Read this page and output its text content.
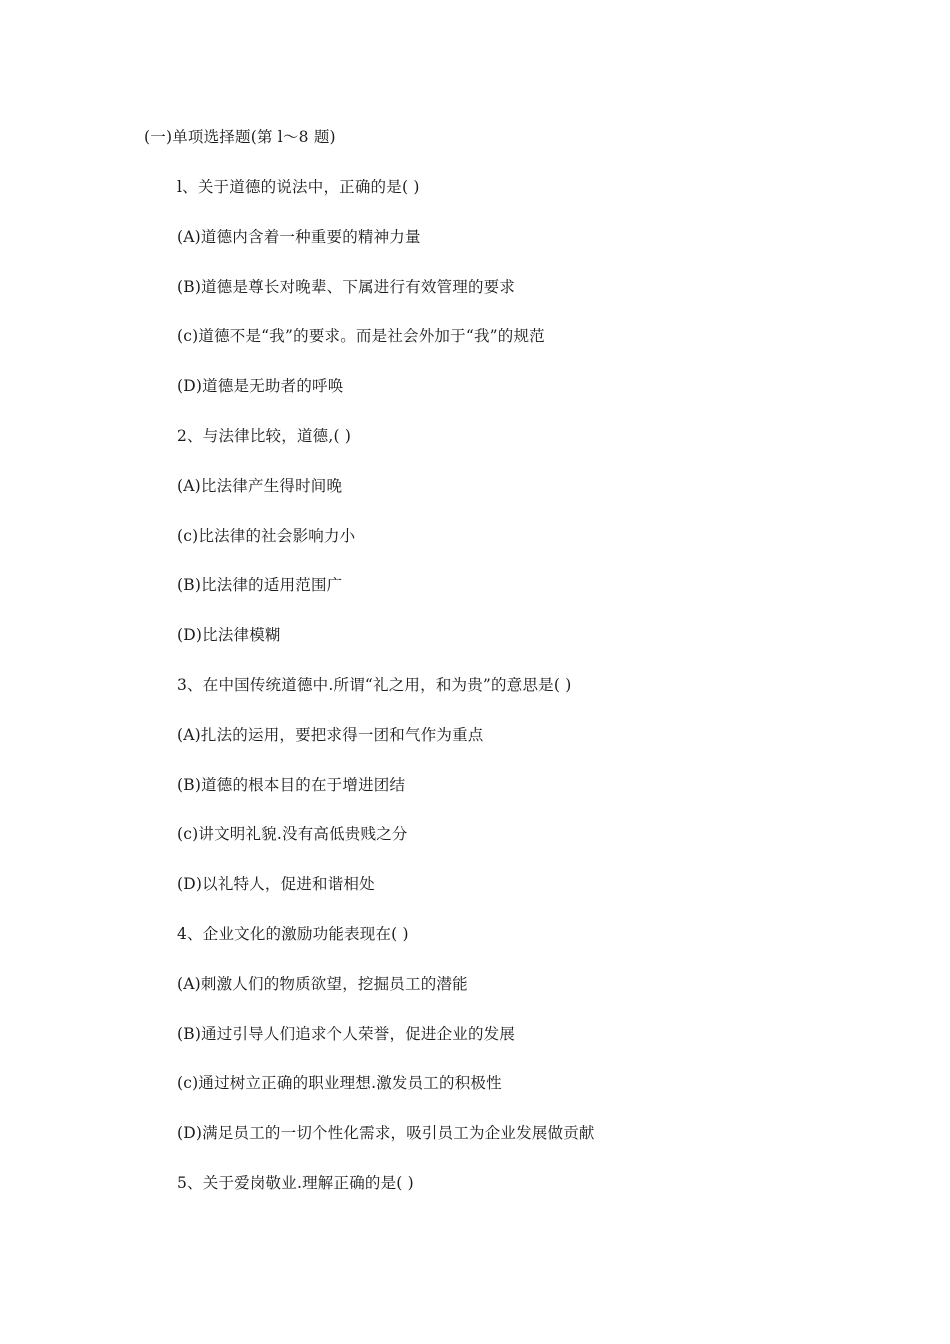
(一)单项选择题(第 l～8 题)
l、关于道德的说法中，正确的是( )
(A)道德内含着一种重要的精神力量
(B)道德是尊长对晚辈、下属进行有效管理的要求
(c)道德不是“我”的要求。而是社会外加于“我”的规范
(D)道德是无助者的呼唤
2、与法律比较，道德,( )
(A)比法律产生得时间晚
(c)比法律的社会影响力小
(B)比法律的适用范围广
(D)比法律模糊
3、在中国传统道德中.所谓“礼之用，和为贵”的意思是( )
(A)扎法的运用，要把求得一团和气作为重点
(B)道德的根本目的在于增进团结
(c)讲文明礼貌.没有高低贵贱之分
(D)以礼特人，促进和谐相处
4、企业文化的激励功能表现在( )
(A)刺激人们的物质欲望，挖掘员工的潜能
(B)通过引导人们追求个人荣誉，促进企业的发展
(c)通过树立正确的职业理想.激发员工的积极性
(D)满足员工的一切个性化需求，吸引员工为企业发展做贡献
5、关于爱岗敬业.理解正确的是( )
